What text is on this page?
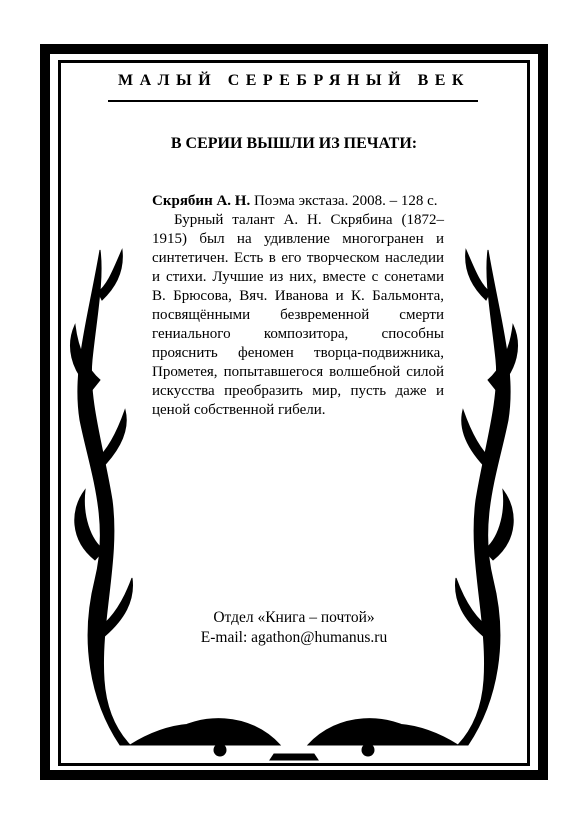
МАЛЫЙ СЕРЕБРЯНЫЙ ВЕК
В СЕРИИ ВЫШЛИ ИЗ ПЕЧАТИ:

Скрябин А. Н. Поэма экстаза. 2008. – 128 с.

Бурный талант А. Н. Скрябина (1872–1915) был на удивление многогранен и синтетичен. Есть в его творческом наследии и стихи. Лучшие из них, вместе с сонетами В. Брюсова, Вяч. Иванова и К. Бальмонта, посвящёнными безвременной смерти гениального композитора, способны прояснить феномен творца-подвижника, Прометея, попытавшегося волшебной силой искусства преобразить мир, пусть даже и ценой собственной гибели.

Отдел «Книга – почтой»
E-mail: agathon@humanus.ru
